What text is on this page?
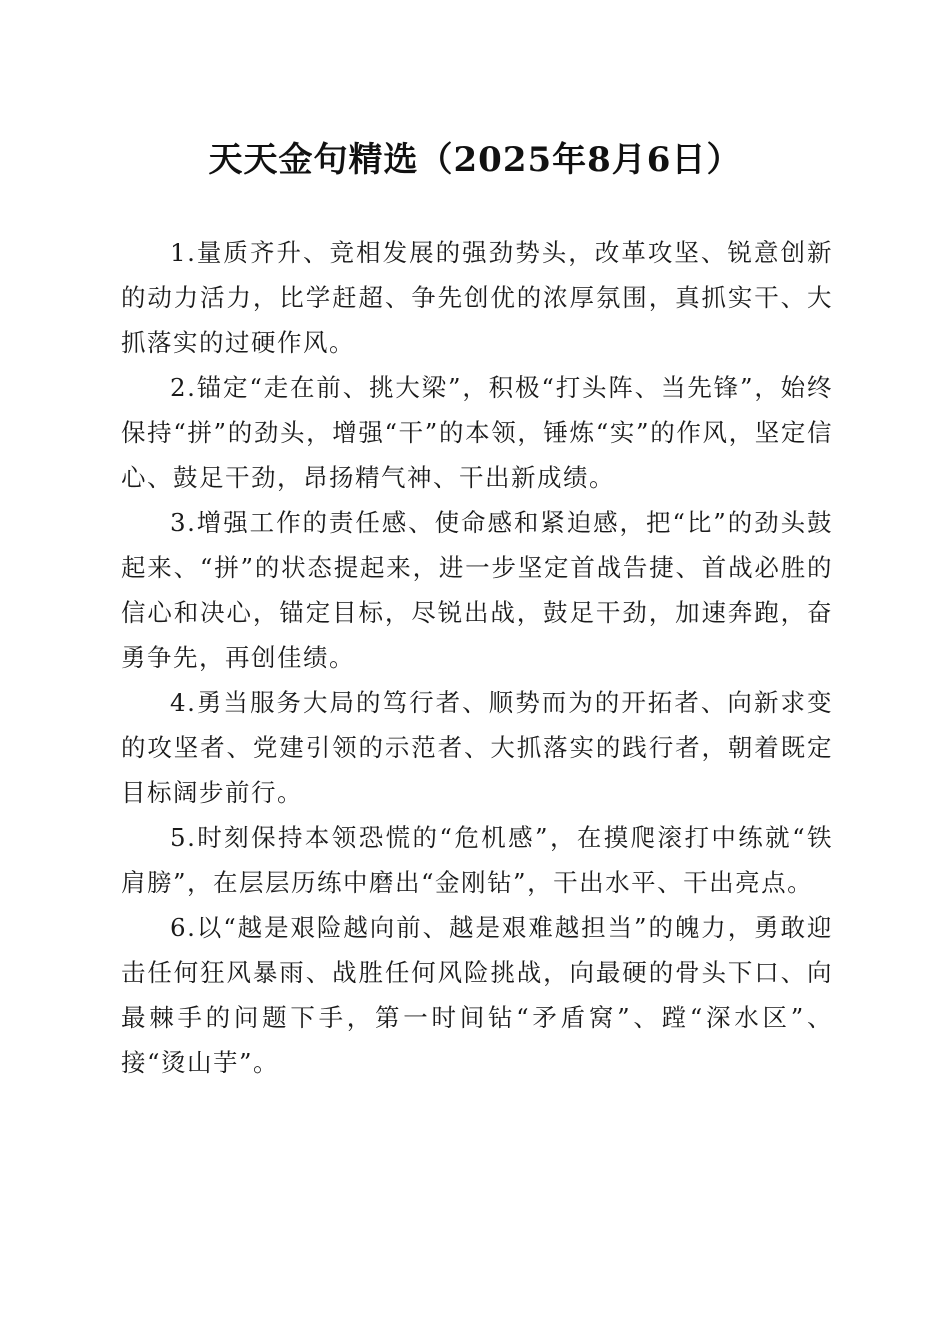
天天金句精选（2025年8月6日）

1.量质齐升、竞相发展的强劲势头，改革攻坚、锐意创新的动力活力，比学赶超、争先创优的浓厚氛围，真抓实干、大抓落实的过硬作风。

2.锚定“走在前、挑大梁”，积极“打头阵、当先锋”，始终保持“拼”的劲头，增强“干”的本领，锤炼“实”的作风，坚定信心、鼓足干劲，昂扬精气神、干出新成绩。

3.增强工作的责任感、使命感和紧迫感，把“比”的劲头鼓起来、“拼”的状态提起来，进一步坚定首战告捷、首战必胜的信心和决心，锚定目标，尽锐出战，鼓足干劲，加速奔跑，奋勇争先，再创佳绩。

4.勇当服务大局的笃行者、顺势而为的开拓者、向新求变的攻坚者、党建引领的示范者、大抓落实的践行者，朝着既定目标阔步前行。

5.时刻保持本领恐慌的“危机感”，在摸爬滚打中练就“铁肩膀”，在层层历练中磨出“金刚钻”，干出水平、干出亮点。

6.以“越是艰险越向前、越是艰难越担当”的魄力，勇敢迎击任何狂风暴雨、战胜任何风险挑战，向最硬的骨头下口、向最棘手的问题下手，第一时间钻“矛盾窝”、蹚“深水区”、接“烫山芋”。
